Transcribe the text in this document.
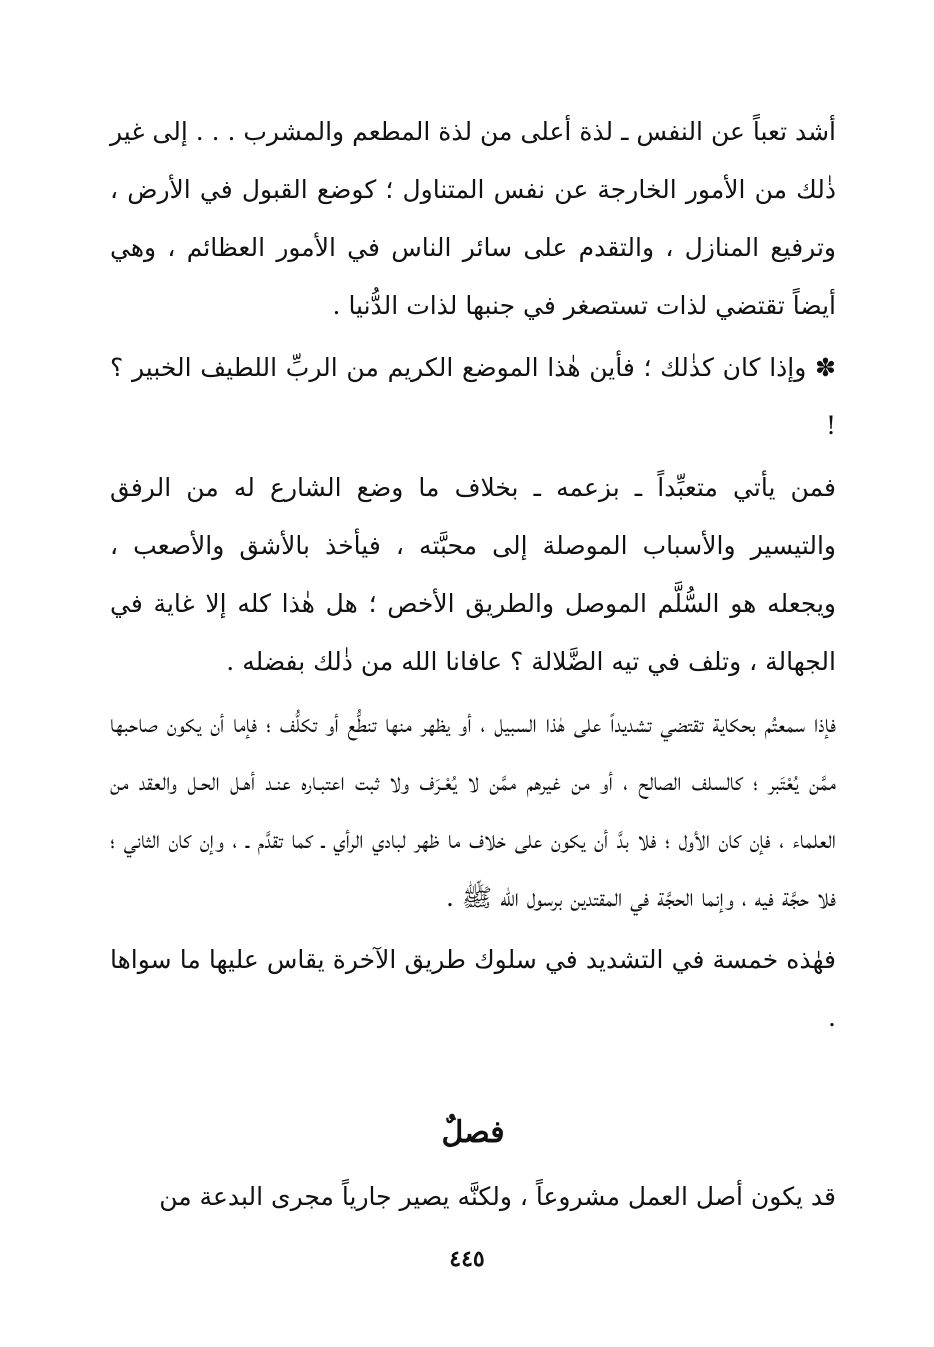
أشد تعباً عن النفس ـ لذة أعلى من لذة المطعم والمشرب . . . إلى غير ذٰلك من الأمور الخارجة عن نفس المتناول ؛ كوضع القبول في الأرض ، وترفيع المنازل ، والتقدم على سائر الناس في الأمور العظائم ، وهي أيضاً تقتضي لذات تستصغر في جنبها لذات الدُّنيا .

✽ وإذا كان كذٰلك ؛ فأين هٰذا الموضع الكريم من الربِّ اللطيف الخبير ؟ !

فمن يأتي متعبِّداً ـ بزعمه ـ بخلاف ما وضع الشارع له من الرفق والتيسير والأسباب الموصلة إلى محبَّته ، فيأخذ بالأشق والأصعب ، ويجعله هو السُّلَّم الموصل والطريق الأخص ؛ هل هٰذا كله إلا غاية في الجهالة ، وتلف في تيه الضَّلالة ؟ عافانا الله من ذٰلك بفضله .

فإذا سمعتُم بحكاية تقتضي تشديداً على هٰذا السبيل ، أو يظهر منها تنطُّع أو تكلُّف ؛ فإما أن يكون صاحبها ممَّن يُعْتَبر ؛ كالسلف الصالح ، أو من غيرهم ممَّن لا يُعْـرَف ولا ثبت اعتبـاره عنـد أهـل الحـل والعقد من العلماء ، فإن كان الأول ؛ فلا بدَّ أن يكون على خلاف ما ظهر لبادي الرأي ـ كما تقدَّم ـ ، وإن كان الثاني ؛ فلا حجَّة فيه ، وإنما الحجَّة في المقتدين برسول الله ﷺ .

فهٰذه خمسة في التشديد في سلوك طريق الآخرة يقاس عليها ما سواها .

فصلٌ
قد يكون أصل العمل مشروعاً ، ولكنَّه يصير جارياً مجرى البدعة من
٤٤٥
